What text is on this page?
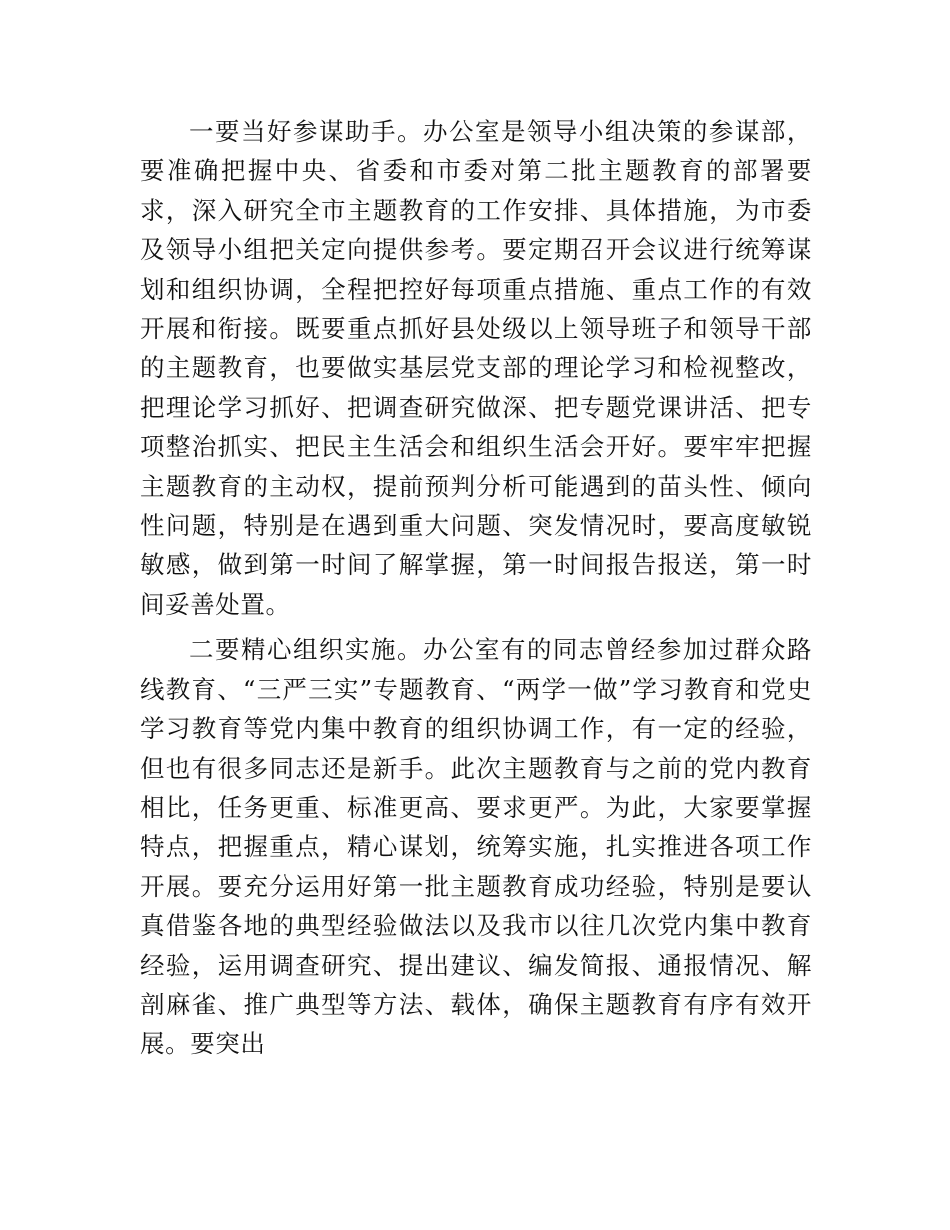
一要当好参谋助手。办公室是领导小组决策的参谋部，要准确把握中央、省委和市委对第二批主题教育的部署要求，深入研究全市主题教育的工作安排、具体措施，为市委及领导小组把关定向提供参考。要定期召开会议进行统筹谋划和组织协调，全程把控好每项重点措施、重点工作的有效开展和衔接。既要重点抓好县处级以上领导班子和领导干部的主题教育，也要做实基层党支部的理论学习和检视整改，把理论学习抓好、把调查研究做深、把专题党课讲活、把专项整治抓实、把民主生活会和组织生活会开好。要牢牢把握主题教育的主动权，提前预判分析可能遇到的苗头性、倾向性问题，特别是在遇到重大问题、突发情况时，要高度敏锐敏感，做到第一时间了解掌握，第一时间报告报送，第一时间妥善处置。

二要精心组织实施。办公室有的同志曾经参加过群众路线教育、“三严三实”专题教育、“两学一做”学习教育和党史学习教育等党内集中教育的组织协调工作，有一定的经验，但也有很多同志还是新手。此次主题教育与之前的党内教育相比，任务更重、标准更高、要求更严。为此，大家要掌握特点，把握重点，精心谋划，统筹实施，扎实推进各项工作开展。要充分运用好第一批主题教育成功经验，特别是要认真借鉴各地的典型经验做法以及我市以往几次党内集中教育经验，运用调查研究、提出建议、编发简报、通报情况、解剖麻雀、推广典型等方法、载体，确保主题教育有序有效开展。要突出
